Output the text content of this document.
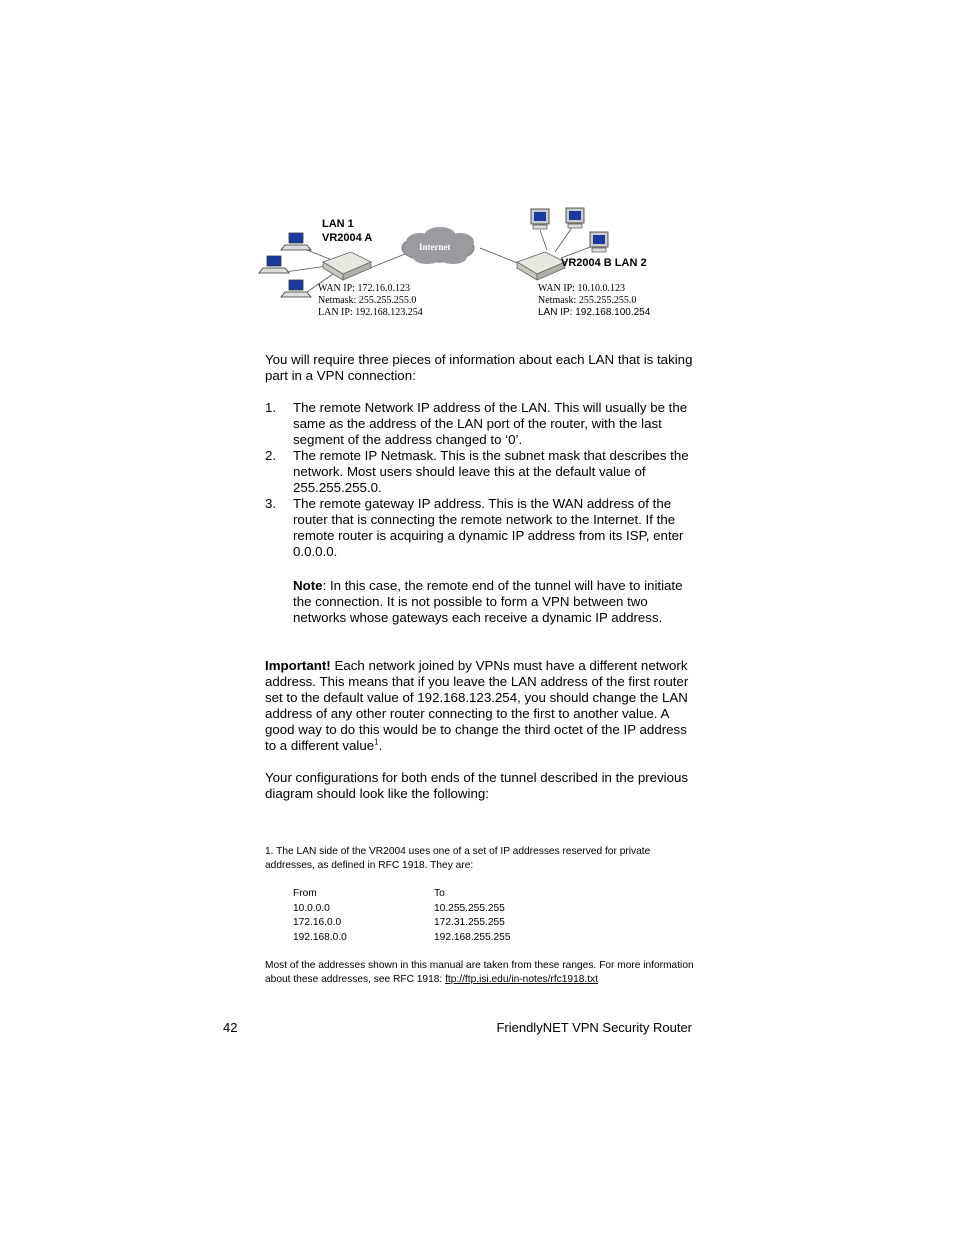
LAN 1
VR2004 A
Internet
VR2004 B LAN 2
WAN IP: 172.16.0.123
Netmask: 255.255.255.0
LAN IP: 192.168.123.254
WAN IP: 10.10.0.123
Netmask: 255.255.255.0
LAN IP: 192.168.100.254

You will require three pieces of information about each LAN that is taking part in a VPN connection:

1. The remote Network IP address of the LAN. This will usually be the same as the address of the LAN port of the router, with the last segment of the address changed to ‘0’.
2. The remote IP Netmask. This is the subnet mask that describes the network. Most users should leave this at the default value of 255.255.255.0.
3. The remote gateway IP address. This is the WAN address of the router that is connecting the remote network to the Internet. If the remote router is acquiring a dynamic IP address from its ISP, enter 0.0.0.0.
Note: In this case, the remote end of the tunnel will have to initiate the connection. It is not possible to form a VPN between two networks whose gateways each receive a dynamic IP address.

Important! Each network joined by VPNs must have a different network address. This means that if you leave the LAN address of the first router set to the default value of 192.168.123.254, you should change the LAN address of any other router connecting to the first to another value. A good way to do this would be to change the third octet of the IP address to a different value$^1$.

Your configurations for both ends of the tunnel described in the previous diagram should look like the following:

1. The LAN side of the VR2004 uses one of a set of IP addresses reserved for private addresses, as defined in RFC 1918. They are:
From	To
10.0.0.0	10.255.255.255
172.16.0.0	172.31.255.255
192.168.0.0	192.168.255.255
Most of the addresses shown in this manual are taken from these ranges. For more information about these addresses, see RFC 1918: ftp://ftp.isi.edu/in-notes/rfc1918.txt
42	FriendlyNET VPN Security Router
